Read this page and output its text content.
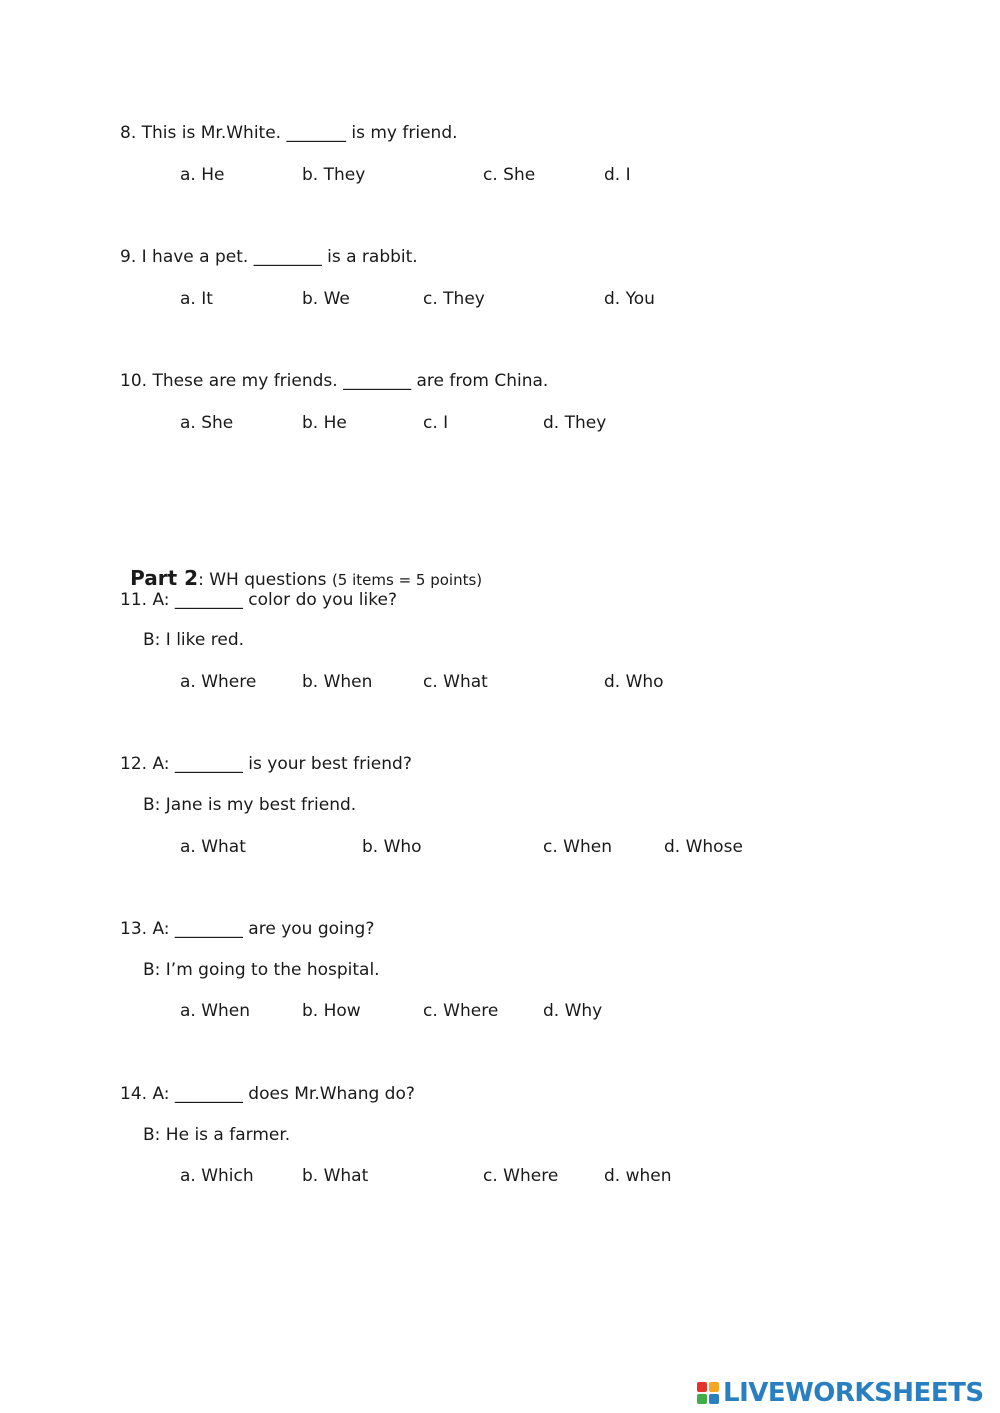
8. This is Mr.White. _______ is my friend.
a. He	b. They	c. She	d. I
9. I have a pet. ________ is a rabbit.
a. It	b. We	c. They	d. You
10. These are my friends. ________ are from China.
a. She	b. He	c. I	d. They

Part 2: WH questions (5 items = 5 points)

11. A: ________ color do you like?
B: I like red.
a. Where	b. When	c. What	d. Who
12. A: ________ is your best friend?
B: Jane is my best friend.
a. What	b. Who	c. When	d. Whose
13. A: ________ are you going?
B: I’m going to the hospital.
a. When	b. How	c. Where	d. Why
14. A: ________ does Mr.Whang do?
B: He is a farmer.
a. Which	b. What	c. Where	d. when
LIVEWORKSHEETS
